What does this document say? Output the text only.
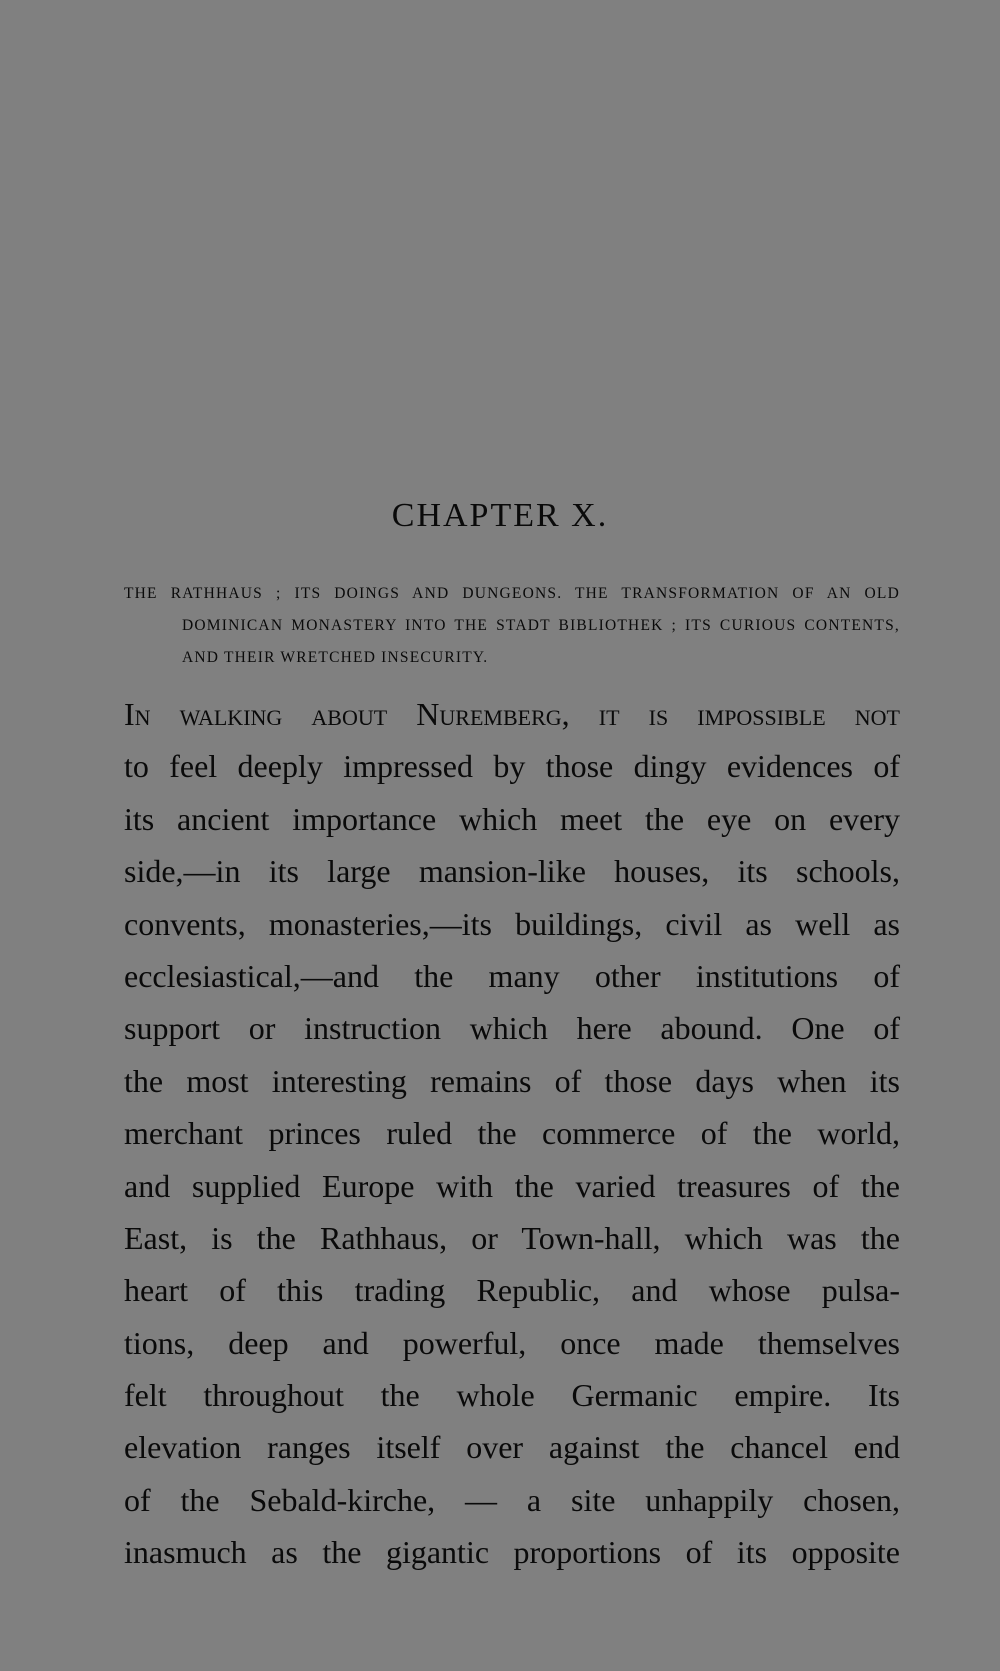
CHAPTER X.

THE RATHHAUS ; ITS DOINGS AND DUNGEONS. THE TRANSFORMATION OF AN OLD DOMINICAN MONASTERY INTO THE STADT BIBLIOTHEK ; ITS CURIOUS CONTENTS, AND THEIR WRETCHED INSECURITY.

In walking about Nuremberg, it is impossible not
to feel deeply impressed by those dingy evidences of
its ancient importance which meet the eye on every
side,—in its large mansion-like houses, its schools,
convents, monasteries,—its buildings, civil as well as
ecclesiastical,—and the many other institutions of
support or instruction which here abound. One of
the most interesting remains of those days when its
merchant princes ruled the commerce of the world,
and supplied Europe with the varied treasures of the
East, is the Rathhaus, or Town-hall, which was the
heart of this trading Republic, and whose pulsa-
tions, deep and powerful, once made themselves
felt throughout the whole Germanic empire. Its
elevation ranges itself over against the chancel end
of the Sebald-kirche, — a site unhappily chosen,
inasmuch as the gigantic proportions of its opposite
